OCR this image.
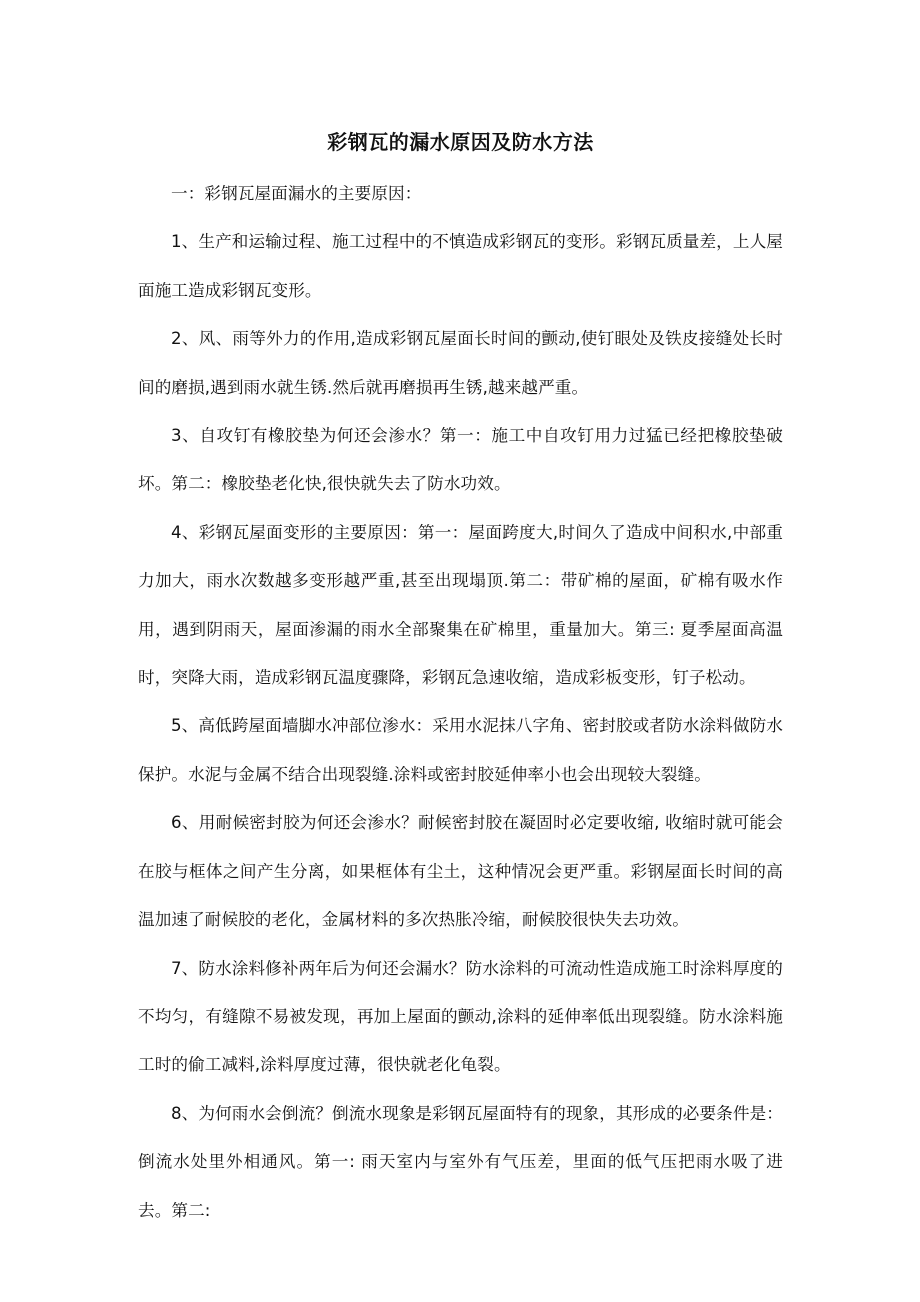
彩钢瓦的漏水原因及防水方法

一：彩钢瓦屋面漏水的主要原因：

1、生产和运输过程、施工过程中的不慎造成彩钢瓦的变形。彩钢瓦质量差，上人屋面施工造成彩钢瓦变形。

2、风、雨等外力的作用,造成彩钢瓦屋面长时间的颤动,使钉眼处及铁皮接缝处长时间的磨损,遇到雨水就生锈.然后就再磨损再生锈,越来越严重。

3、自攻钉有橡胶垫为何还会渗水？第一：施工中自攻钉用力过猛已经把橡胶垫破坏。第二：橡胶垫老化快,很快就失去了防水功效。

4、彩钢瓦屋面变形的主要原因：第一：屋面跨度大,时间久了造成中间积水,中部重力加大，雨水次数越多变形越严重,甚至出现塌顶.第二：带矿棉的屋面，矿棉有吸水作用，遇到阴雨天，屋面渗漏的雨水全部聚集在矿棉里，重量加大。第三: 夏季屋面高温时，突降大雨，造成彩钢瓦温度骤降，彩钢瓦急速收缩，造成彩板变形，钉子松动。

5、高低跨屋面墙脚水冲部位渗水：采用水泥抹八字角、密封胶或者防水涂料做防水保护。水泥与金属不结合出现裂缝.涂料或密封胶延伸率小也会出现较大裂缝。

6、用耐候密封胶为何还会渗水？耐候密封胶在凝固时必定要收缩, 收缩时就可能会在胶与框体之间产生分离，如果框体有尘土，这种情况会更严重。彩钢屋面长时间的高温加速了耐候胶的老化，金属材料的多次热胀冷缩，耐候胶很快失去功效。

7、防水涂料修补两年后为何还会漏水？防水涂料的可流动性造成施工时涂料厚度的不均匀，有缝隙不易被发现，再加上屋面的颤动,涂料的延伸率低出现裂缝。防水涂料施工时的偷工减料,涂料厚度过薄，很快就老化龟裂。

8、为何雨水会倒流？倒流水现象是彩钢瓦屋面特有的现象，其形成的必要条件是：倒流水处里外相通风。第一: 雨天室内与室外有气压差，里面的低气压把雨水吸了进去。第二:
